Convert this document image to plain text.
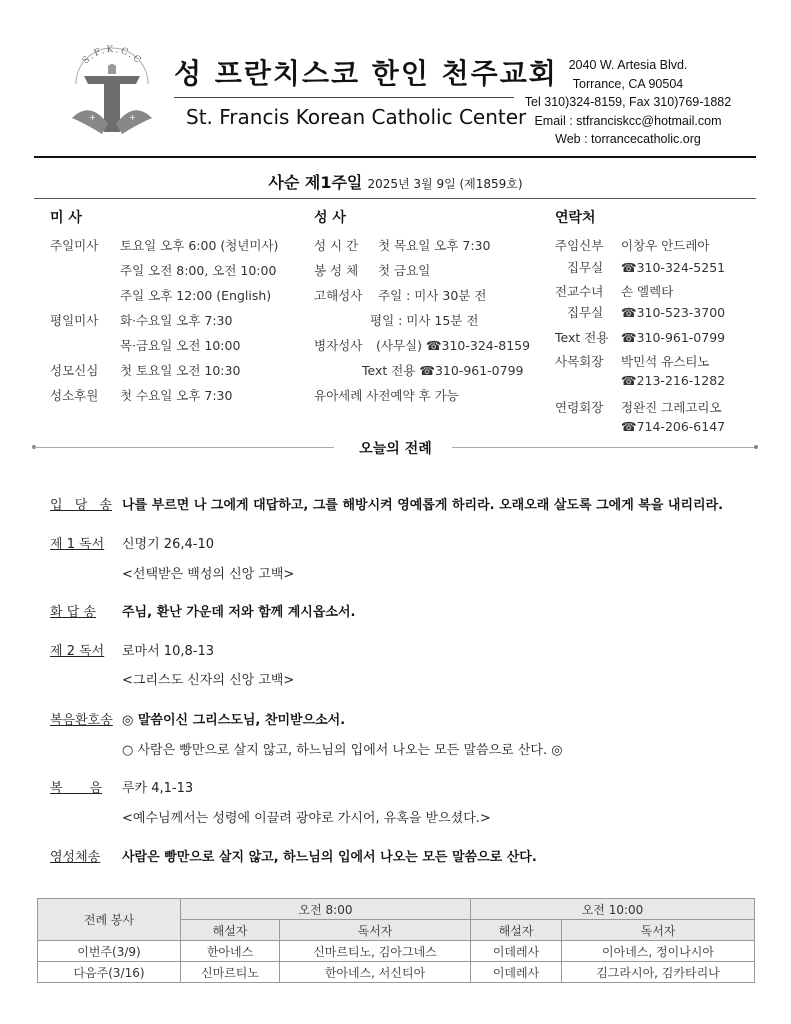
S.F.K.C.C
+	+
성 프란치스코 한인 천주교회
St. Francis Korean Catholic Center
2040 W. Artesia Blvd.
Torrance, CA 90504
Tel 310)324-8159, Fax 310)769-1882
Email : stfranciskcc@hotmail.com
Web : torrancecatholic.org
사순 제1주일 2025년 3월 9일 (제1859호)
미 사
주일미사 토요일 오후 6:00 (청년미사)
주일 오전 8:00, 오전 10:00
주일 오후 12:00 (English)
평일미사 화·수요일 오후 7:30
목·금요일 오전 10:00
성모신심 첫 토요일 오전 10:30
성소후원 첫 수요일 오후 7:30
성 사
성 시 간 첫 목요일 오후 7:30
봉 성 체 첫 금요일
고해성사 주일 : 미사 30분 전
평일 : 미사 15분 전
병자성사 (사무실) ☎310-324-8159
Text 전용 ☎310-961-0799
유아세례 사전예약 후 가능
연락처
주임신부 이창우 안드레아
집무실 ☎310-324-5251
전교수녀 손 엘렉타
집무실 ☎310-523-3700
Text 전용 ☎310-961-0799
사목회장 박민석 유스티노
☎213-216-1282
연령회장 정완진 그레고리오
☎714-206-6147
오늘의 전례
입 당 송 나를 부르면 나 그에게 대답하고, 그를 해방시켜 영예롭게 하리라. 오래오래 살도록 그에게 복을 내리리라.
제 1 독서 신명기 26,4-10
<선택받은 백성의 신앙 고백>
화 답 송 주님, 환난 가운데 저와 함께 계시옵소서.
제 2 독서 로마서 10,8-13
<그리스도 신자의 신앙 고백>
복음환호송 ◎ 말씀이신 그리스도님, 찬미받으소서.
○ 사람은 빵만으로 살지 않고, 하느님의 입에서 나오는 모든 말씀으로 산다. ◎
복 음 루카 4,1-13
<예수님께서는 성령에 이끌려 광야로 가시어, 유혹을 받으셨다.>
영성체송 사람은 빵만으로 살지 않고, 하느님의 입에서 나오는 모든 말씀으로 산다.
전례 봉사	오전 8:00		오전 10:00	
	해설자	독서자	해설자	독서자
이번주(3/9)	한아네스	신마르티노, 김아그네스	이데레사	이아네스, 정이나시아
다음주(3/16)	신마르티노	한아네스, 서신티아	이데레사	김그라시아, 김카타리나
